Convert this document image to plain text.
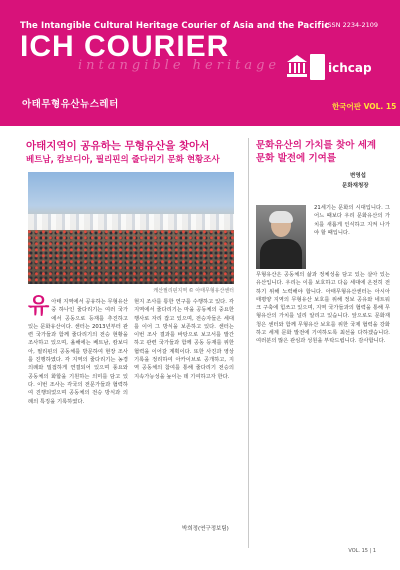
The Intangible Cultural Heritage Courier of Asia and the Pacific
ISSN 2234-2109
ICH COURIER
intangible heritage
아태무형유산뉴스레터
ichcap
한국어판 VOL. 15
아태지역이 공유하는 무형유산을 찾아서
베트남, 캄보디아, 필리핀의 줄다리기 문화 현황조사
캐산필리핀지역 © 아태무형유산센터
유 아태 지역에서 공유하는 무형유산 중 하나인 줄다리기는 여러 국가에서 공동으로 등재를 추진하고 있는 문화유산이다. 센터는 2013년부터 관련 국가들과 함께 줄다리기의 전승 현황을 조사하고 있으며, 올해에는 베트남, 캄보디아, 필리핀의 공동체를 방문하여 현장 조사를 진행하였다. 각 지역의 줄다리기는 농경 의례와 밀접하게 연결되어 있으며 풍요와 공동체의 화합을 기원하는 의미를 담고 있다. 이번 조사는 각국의 전문가들과 협력하여 진행되었으며 공동체의 전승 방식과 의례의 특징을 기록하였다.
현지 조사를 통한 연구를 수행하고 있다. 각 지역에서 줄다리기는 마을 공동체의 중요한 행사로 자리 잡고 있으며, 전승자들은 세대를 이어 그 방식을 보존하고 있다. 센터는 이번 조사 결과를 바탕으로 보고서를 발간하고 관련 국가들과 함께 공동 등재를 위한 협력을 이어갈 계획이다. 또한 사진과 영상 기록을 정리하여 아카이브로 공개하고, 지역 공동체의 참여를 통해 줄다리기 전승의 지속가능성을 높이는 데 기여하고자 한다.
박희정(연구정보팀)
문화유산의 가치를 찾아 세계 문화 발전에 기여를
변영섭
문화재청장
21세기는 문화의 시대입니다. 그 어느 때보다 우리 문화유산의 가치를 새롭게 인식하고 지켜 나가야 할 때입니다.
무형유산은 공동체의 삶과 정체성을 담고 있는 살아 있는 유산입니다. 우리는 이를 보호하고 다음 세대에 온전히 전하기 위해 노력해야 합니다. 아태무형유산센터는 아시아 태평양 지역의 무형유산 보호를 위해 정보 공유와 네트워크 구축에 힘쓰고 있으며, 지역 국가들과의 협력을 통해 무형유산의 가치를 널리 알리고 있습니다. 앞으로도 문화재청은 센터와 함께 무형유산 보호를 위한 국제 협력을 강화하고 세계 문화 발전에 기여하도록 최선을 다하겠습니다. 여러분의 많은 관심과 성원을 부탁드립니다. 감사합니다.
VOL. 15 | 1
